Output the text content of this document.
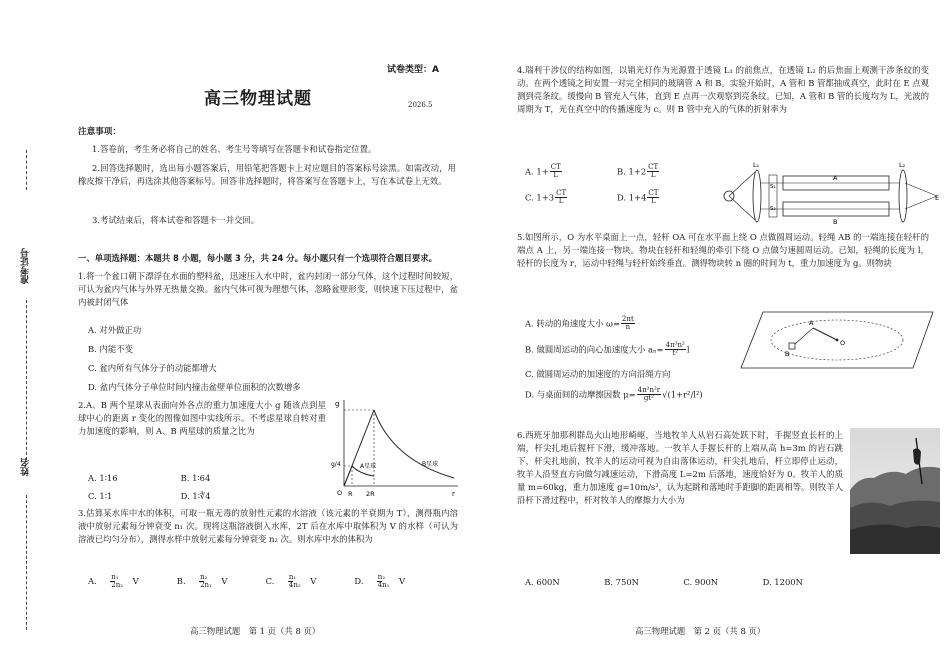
准考证号
姓名
试卷类型：A
高三物理试题	2026.5
注意事项：
1.答卷前，考生务必将自己的姓名、考生号等填写在答题卡和试卷指定位置。
2.回答选择题时，选出每小题答案后，用铅笔把答题卡上对应题目的答案标号涂黑。如需改动，用橡皮擦干净后，再选涂其他答案标号。回答非选择题时，将答案写在答题卡上，写在本试卷上无效。
3.考试结束后，将本试卷和答题卡一并交回。
一、单项选择题：本题共 8 小题，每小题 3 分，共 24 分。每小题只有一个选项符合题目要求。
1.将一个盆口朝下漂浮在水面的塑料盆，迅速压入水中时，盆内封闭一部分气体，这个过程时间较短，可认为盆内气体与外界无热量交换。盆内气体可视为理想气体，忽略盆壁形变，则快速下压过程中，盆内被封闭气体
A. 对外做正功
B. 内能不变
C. 盆内所有气体分子的动能都增大
D. 盆内气体分子单位时间内撞击盆壁单位面积的次数增多
2.A、B 两个星球从表面向外各点的重力加速度大小 g 随该点到星球中心的距离 r 变化的图像如图中实线所示。不考虑星球自转对重力加速度的影响，则 A、B 两星球的质量之比为
A. 1∶16	B. 1∶64
C. 1∶1	D. 1∶∜4
g
r
O
g/4
R 2R
A星球	B星球
3.估算某水库中水的体积，可取一瓶无毒的放射性元素的水溶液（该元素的半衰期为 T），测得瓶内溶液中放射元素每分钟衰变 n₁ 次。现将这瓶溶液倒入水库，2T 后在水库中取体积为 V 的水样（可认为溶液已均匀分布），测得水样中放射元素每分钟衰变 n₂ 次。则水库中水的体积为
A. $\frac{\text{n₁}}{\text{2n₂}}$ V	B. $\frac{\text{n₂}}{\text{2n₁}}$ V	C. $\frac{\text{n₁}}{\text{4n₂}}$ V	D. $\frac{\text{n₂}}{\text{4n₁}}$ V
高三物理试题　第 1 页（共 8 页）
4.瑞利干涉仪的结构如图，以销光灯作为光源置于透镜 L₁ 的前焦点，在透镜 L₂ 的后焦面上观测干涉条纹的变动。在两个透镜之间安置一对完全相同的玻璃管 A 和 B。实验开始时，A 管和 B 管都抽成真空，此时在 E 点观测到亮条纹。缓慢向 B 管充入气体，直到 E 点再一次观察到亮条纹。已知，A 管和 B 管的长度均为 L，光波的周期为 T，光在真空中的传播速度为 c。则 B 管中充入的气体的折射率为
A. $1+ \frac{CT}{L}$	B. $1+2 \frac{CT}{L}$
C. $1+3 \frac{CT}{L}$	D. $1+4 \frac{CT}{L}$
L₁	L₂
S₁
S₂
A
B
E
5.如图所示，O 为水平桌面上一点，轻杆 OA 可在水平面上绕 O 点做圆周运动。轻绳 AB 的一端连接在轻杆的端点 A 上，另一端连接一物块。物块在轻杆和轻绳的牵引下绕 O 点做匀速圆周运动。已知，轻绳的长度为 l，轻杆的长度为 r，运动中轻绳与轻杆始终垂直。测得物块转 n 圈的时间为 t，重力加速度为 g。则物块
A. 转动的角速度大小 $\omega= \frac{2\pi t}{n}$
B. 做圆周运动的向心加速度大小 $a_n= \frac{\text{4π²n²}}{\text{t²}}$ l
C. 做圆周运动的加速度的方向沿绳方向
D. 与桌面间的动摩擦因数 $\mu= \frac{\text{4π²n²r}}{\text{gt²}} √(1+r^2/l^2)$
O
A
B
6.西班牙加那利群岛火山地形崎岖，当地牧羊人从岩石高处跃下时，手握竖直长杆的上端，杆尖扎地后握杆下滑，缓冲落地。一牧羊人手握长杆的上端从高 h=3m 的岩石跳下，杆尖扎地前，牧羊人的运动可视为自由落体运动，杆尖扎地后，杆立即停止运动，牧羊人沿竖直方向做匀减速运动，下滑高度 L=2m 后落地，速度恰好为 0。牧羊人的质量 m=60kg，重力加速度 g=10m/s²，认为起跳和落地时手距脚的距离相等。则牧羊人沿杆下滑过程中，杆对牧羊人的摩擦力大小为
A. 600N	B. 750N	C. 900N	D. 1200N
高三物理试题　第 2 页（共 8 页）
